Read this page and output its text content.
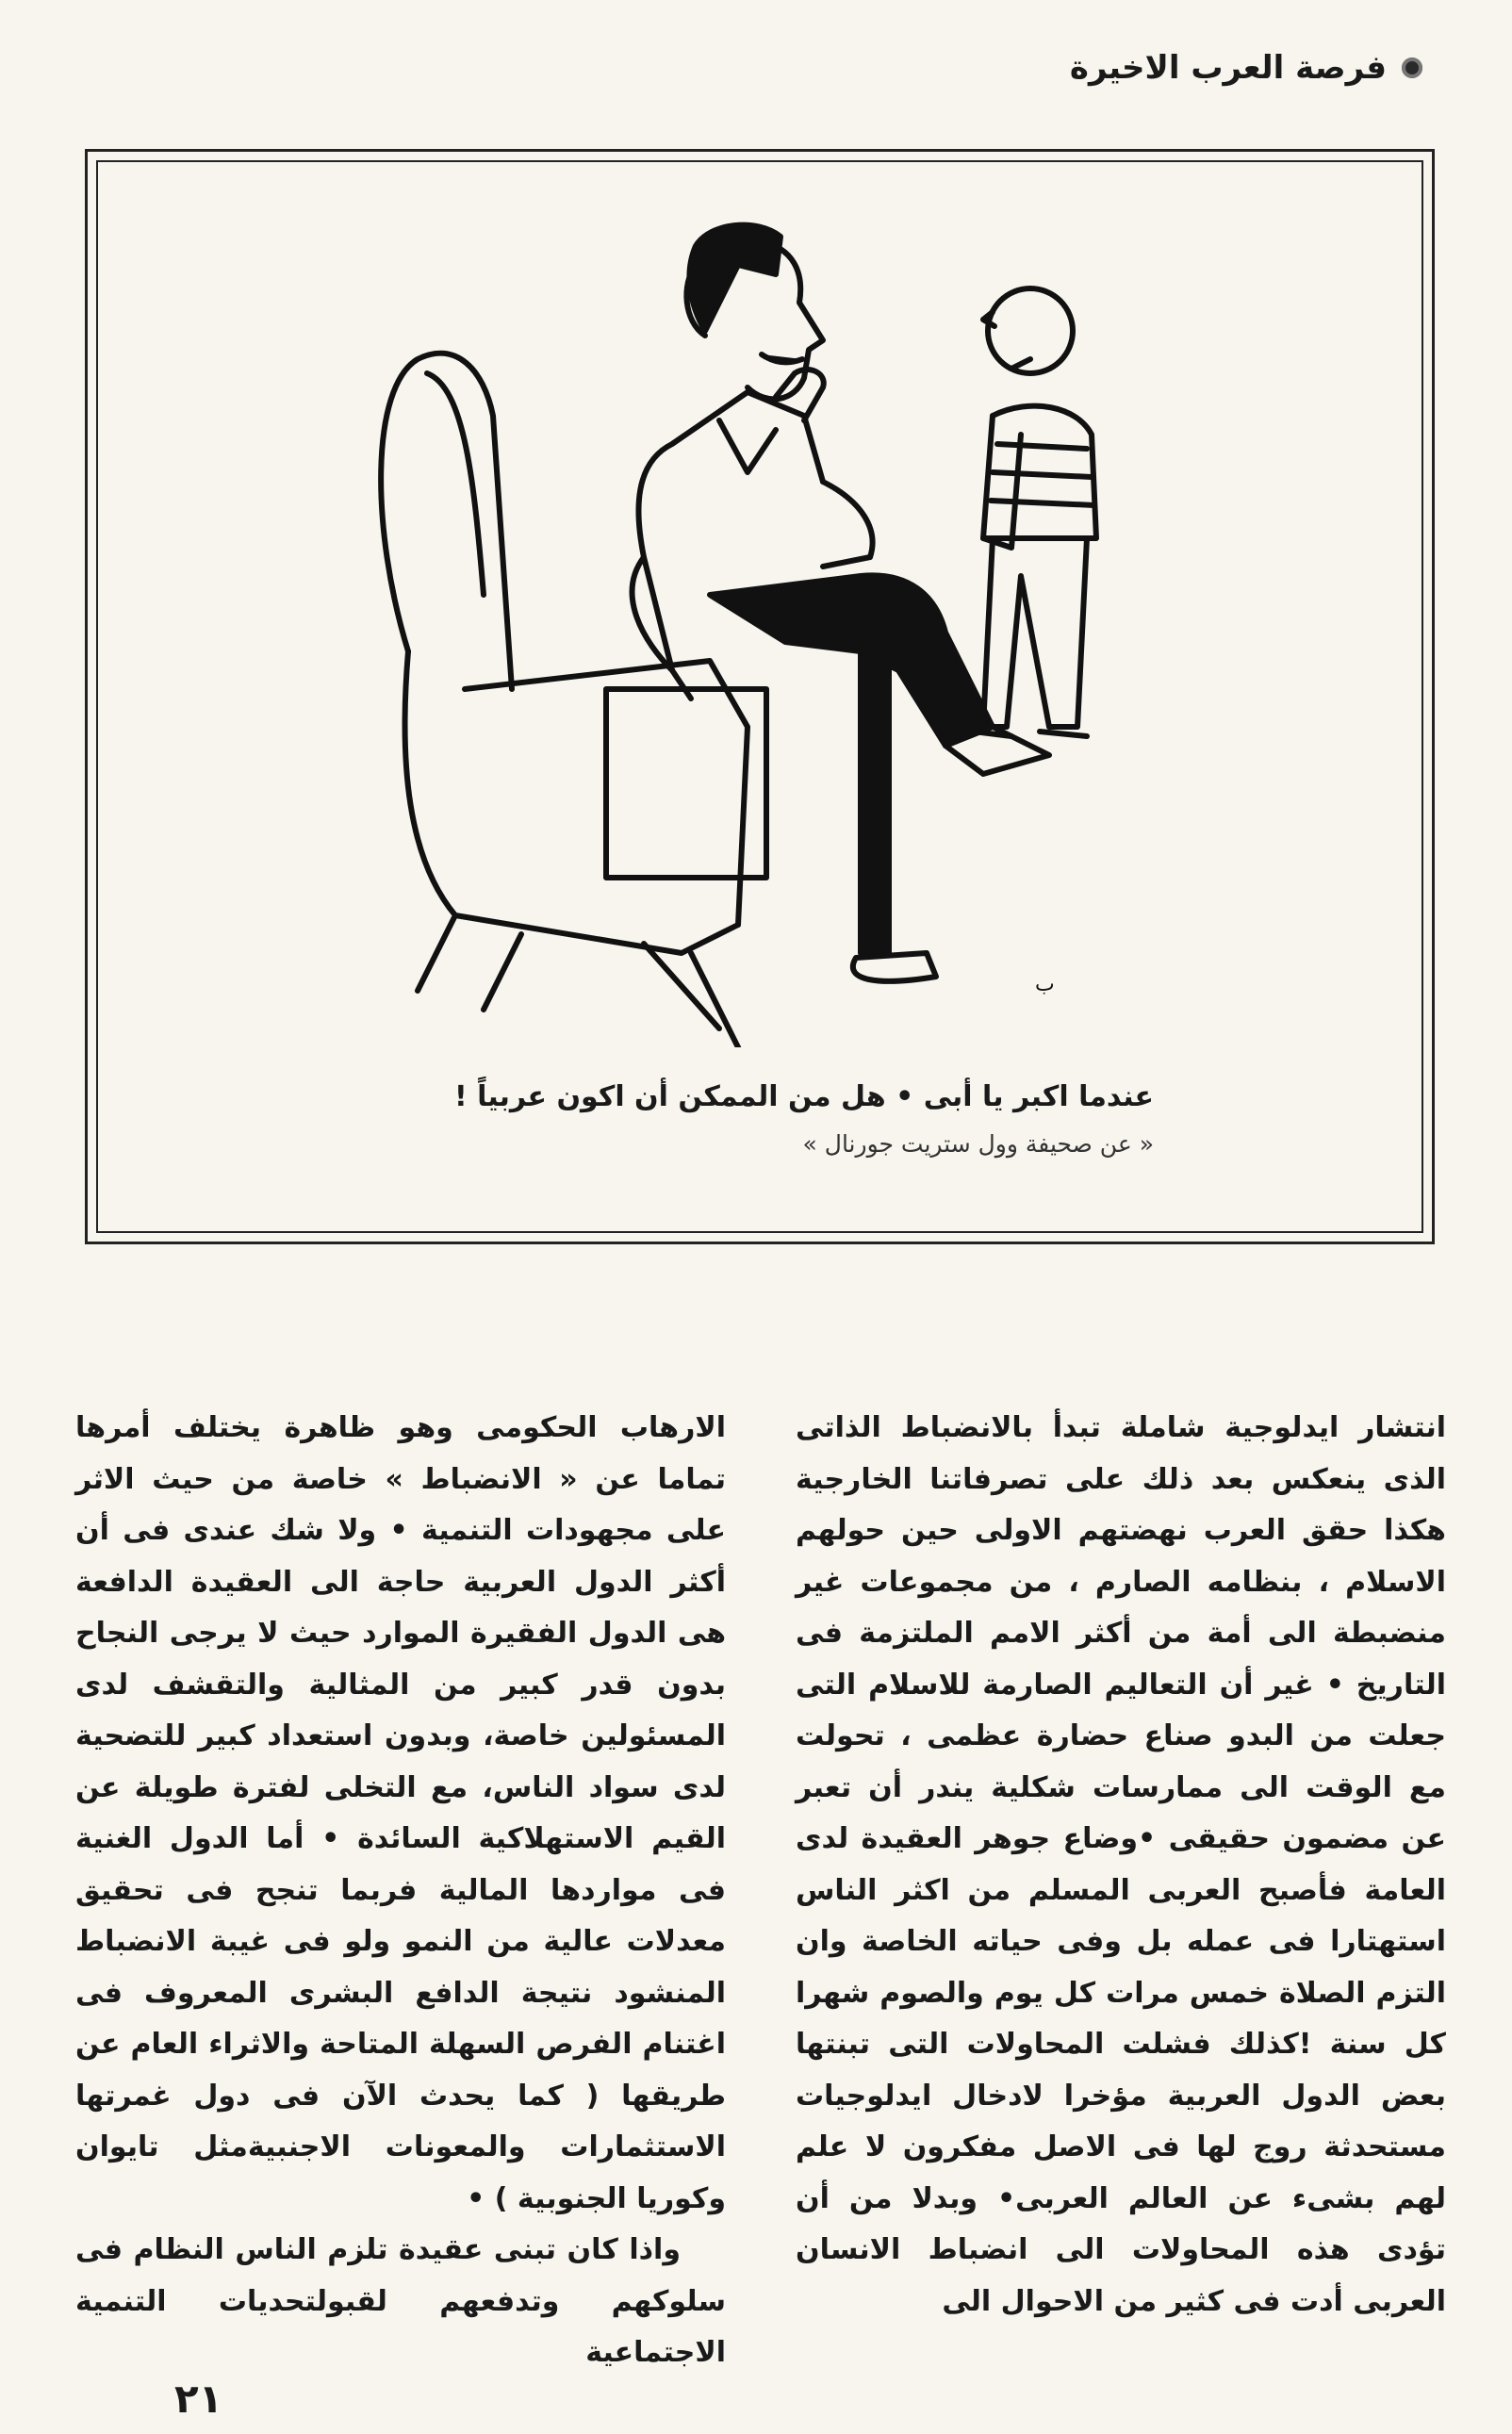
فرصة العرب الاخيرة
ب
عندما اكبر يا أبى • هل من الممكن أن اكون عربياً !
« عن صحيفة وول ستريت جورنال »

انتشار ايدلوجية شاملة تبدأ بالانضباط الذاتى الذى ينعكس بعد ذلك على تصرفاتنا الخارجية هكذا حقق العرب نهضتهم الاولى حين حولهم الاسلام ، بنظامه الصارم ، من مجموعات غير منضبطة الى أمة من أكثر الامم الملتزمة فى التاريخ • غير أن التعاليم الصارمة للاسلام التى جعلت من البدو صناع حضارة عظمى ، تحولت مع الوقت الى ممارسات شكلية يندر أن تعبر عن مضمون حقيقى •وضاع جوهر العقيدة لدى العامة فأصبح العربى المسلم من اكثر الناس استهتارا فى عمله بل وفى حياته الخاصة وان التزم الصلاة خمس مرات كل يوم والصوم شهرا كل سنة !كذلك فشلت المحاولات التى تبنتها بعض الدول العربية مؤخرا لادخال ايدلوجيات مستحدثة روج لها فى الاصل مفكرون لا علم لهم بشىء عن العالم العربى• وبدلا من أن تؤدى هذه المحاولات الى انضباط الانسان العربى أدت فى كثير من الاحوال الى

الارهاب الحكومى وهو ظاهرة يختلف أمرها تماما عن « الانضباط » خاصة من حيث الاثر على مجهودات التنمية • ولا شك عندى فى أن أكثر الدول العربية حاجة الى العقيدة الدافعة هى الدول الفقيرة الموارد حيث لا يرجى النجاح بدون قدر كبير من المثالية والتقشف لدى المسئولين خاصة، وبدون استعداد كبير للتضحية لدى سواد الناس، مع التخلى لفترة طويلة عن القيم الاستهلاكية السائدة • أما الدول الغنية فى مواردها المالية فربما تنجح فى تحقيق معدلات عالية من النمو ولو فى غيبة الانضباط المنشود نتيجة الدافع البشرى المعروف فى اغتنام الفرص السهلة المتاحة والاثراء العام عن طريقها ( كما يحدث الآن فى دول غمرتها الاستثمارات والمعونات الاجنبيةمثل تايوان وكوريا الجنوبية ) •

واذا كان تبنى عقيدة تلزم الناس النظام فى سلوكهم وتدفعهم لقبولتحديات التنمية الاجتماعية

٢١
